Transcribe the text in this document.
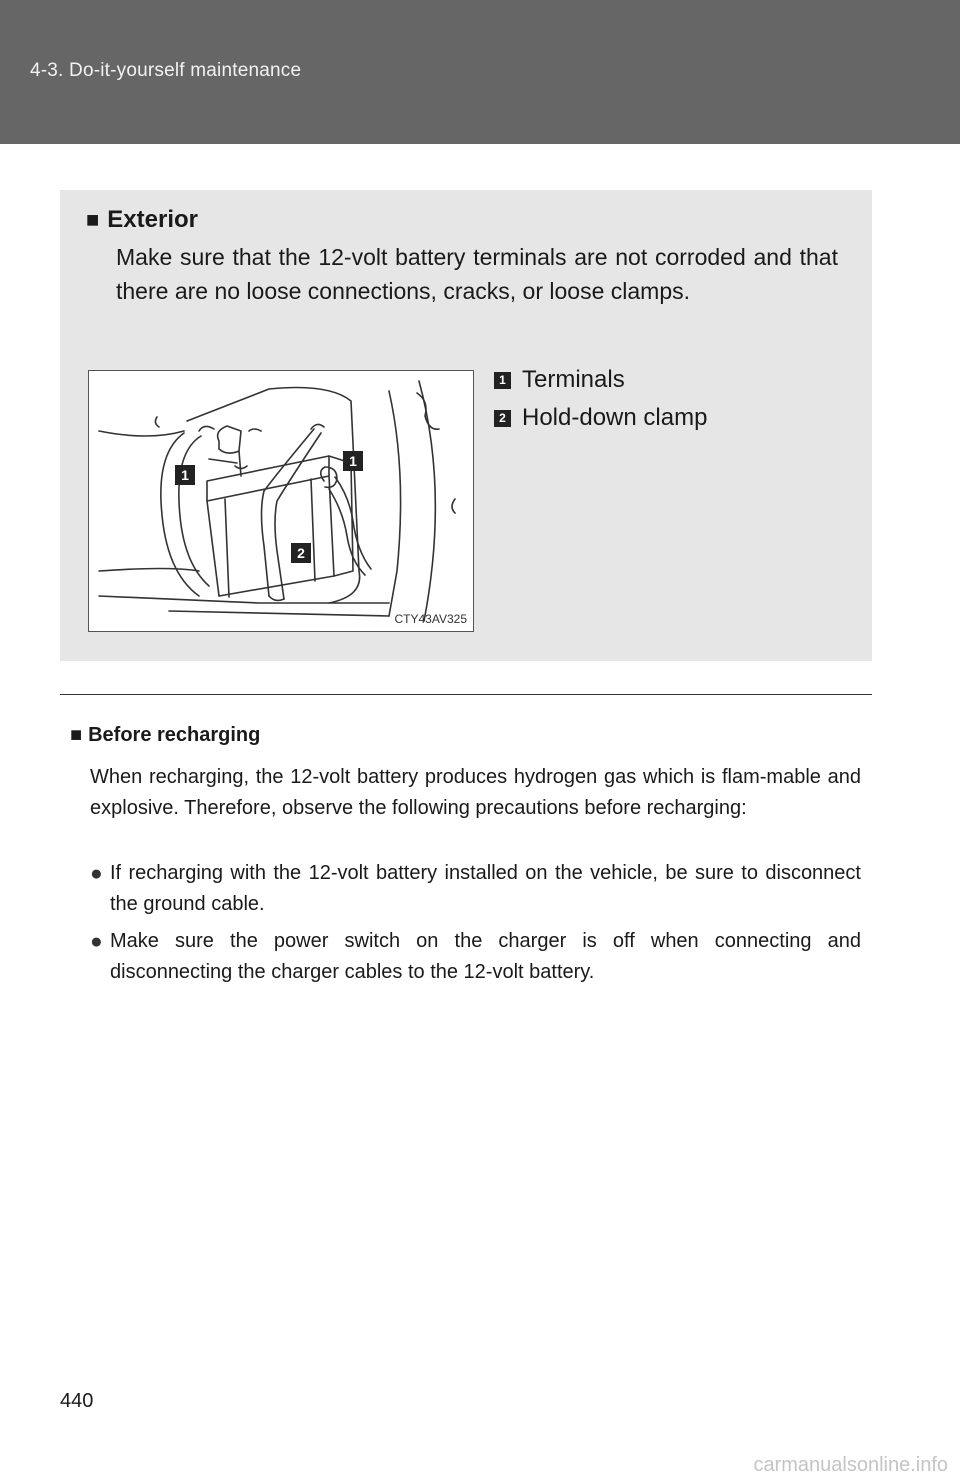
4-3. Do-it-yourself maintenance
■ Exterior
Make sure that the 12-volt battery terminals are not corroded and that there are no loose connections, cracks, or loose clamps.
1
1
2
CTY43AV325
1 Terminals
2 Hold-down clamp
■ Before recharging
When recharging, the 12-volt battery produces hydrogen gas which is flam-mable and explosive. Therefore, observe the following precautions before recharging:
● If recharging with the 12-volt battery installed on the vehicle, be sure to disconnect the ground cable.
● Make sure the power switch on the charger is off when connecting and disconnecting the charger cables to the 12-volt battery.
440
carmanualsonline.info
